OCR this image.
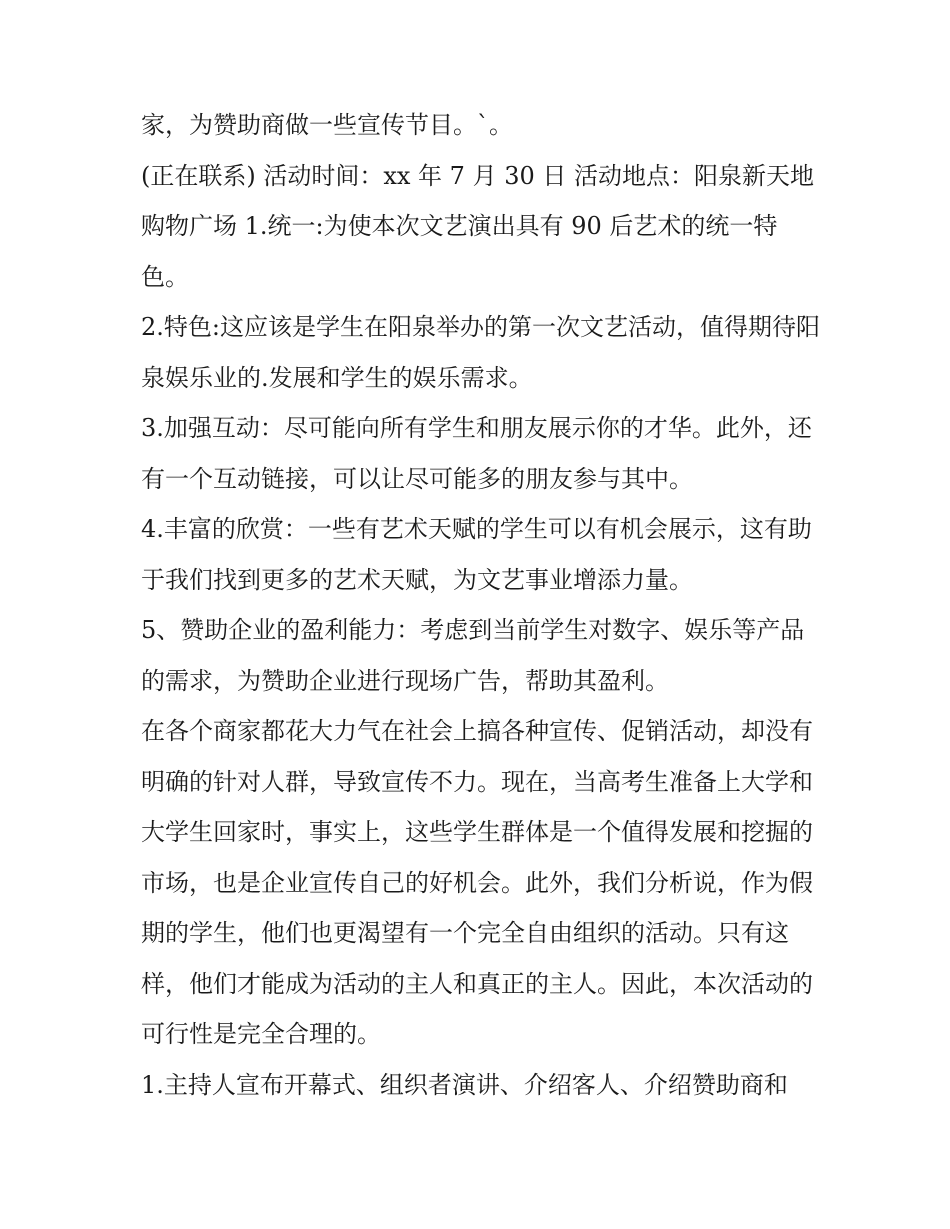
家，为赞助商做一些宣传节目。`。

(正在联系) 活动时间：xx 年 7 月 30 日 活动地点：阳泉新天地购物广场 1.统一:为使本次文艺演出具有 90 后艺术的统一特色。

2.特色:这应该是学生在阳泉举办的第一次文艺活动，值得期待阳泉娱乐业的.发展和学生的娱乐需求。

3.加强互动：尽可能向所有学生和朋友展示你的才华。此外，还有一个互动链接，可以让尽可能多的朋友参与其中。

4.丰富的欣赏：一些有艺术天赋的学生可以有机会展示，这有助于我们找到更多的艺术天赋，为文艺事业增添力量。

5、赞助企业的盈利能力：考虑到当前学生对数字、娱乐等产品的需求，为赞助企业进行现场广告，帮助其盈利。

在各个商家都花大力气在社会上搞各种宣传、促销活动，却没有明确的针对人群，导致宣传不力。现在，当高考生准备上大学和大学生回家时，事实上，这些学生群体是一个值得发展和挖掘的市场，也是企业宣传自己的好机会。此外，我们分析说，作为假期的学生，他们也更渴望有一个完全自由组织的活动。只有这样，他们才能成为活动的主人和真正的主人。因此，本次活动的可行性是完全合理的。

1.主持人宣布开幕式、组织者演讲、介绍客人、介绍赞助商和
